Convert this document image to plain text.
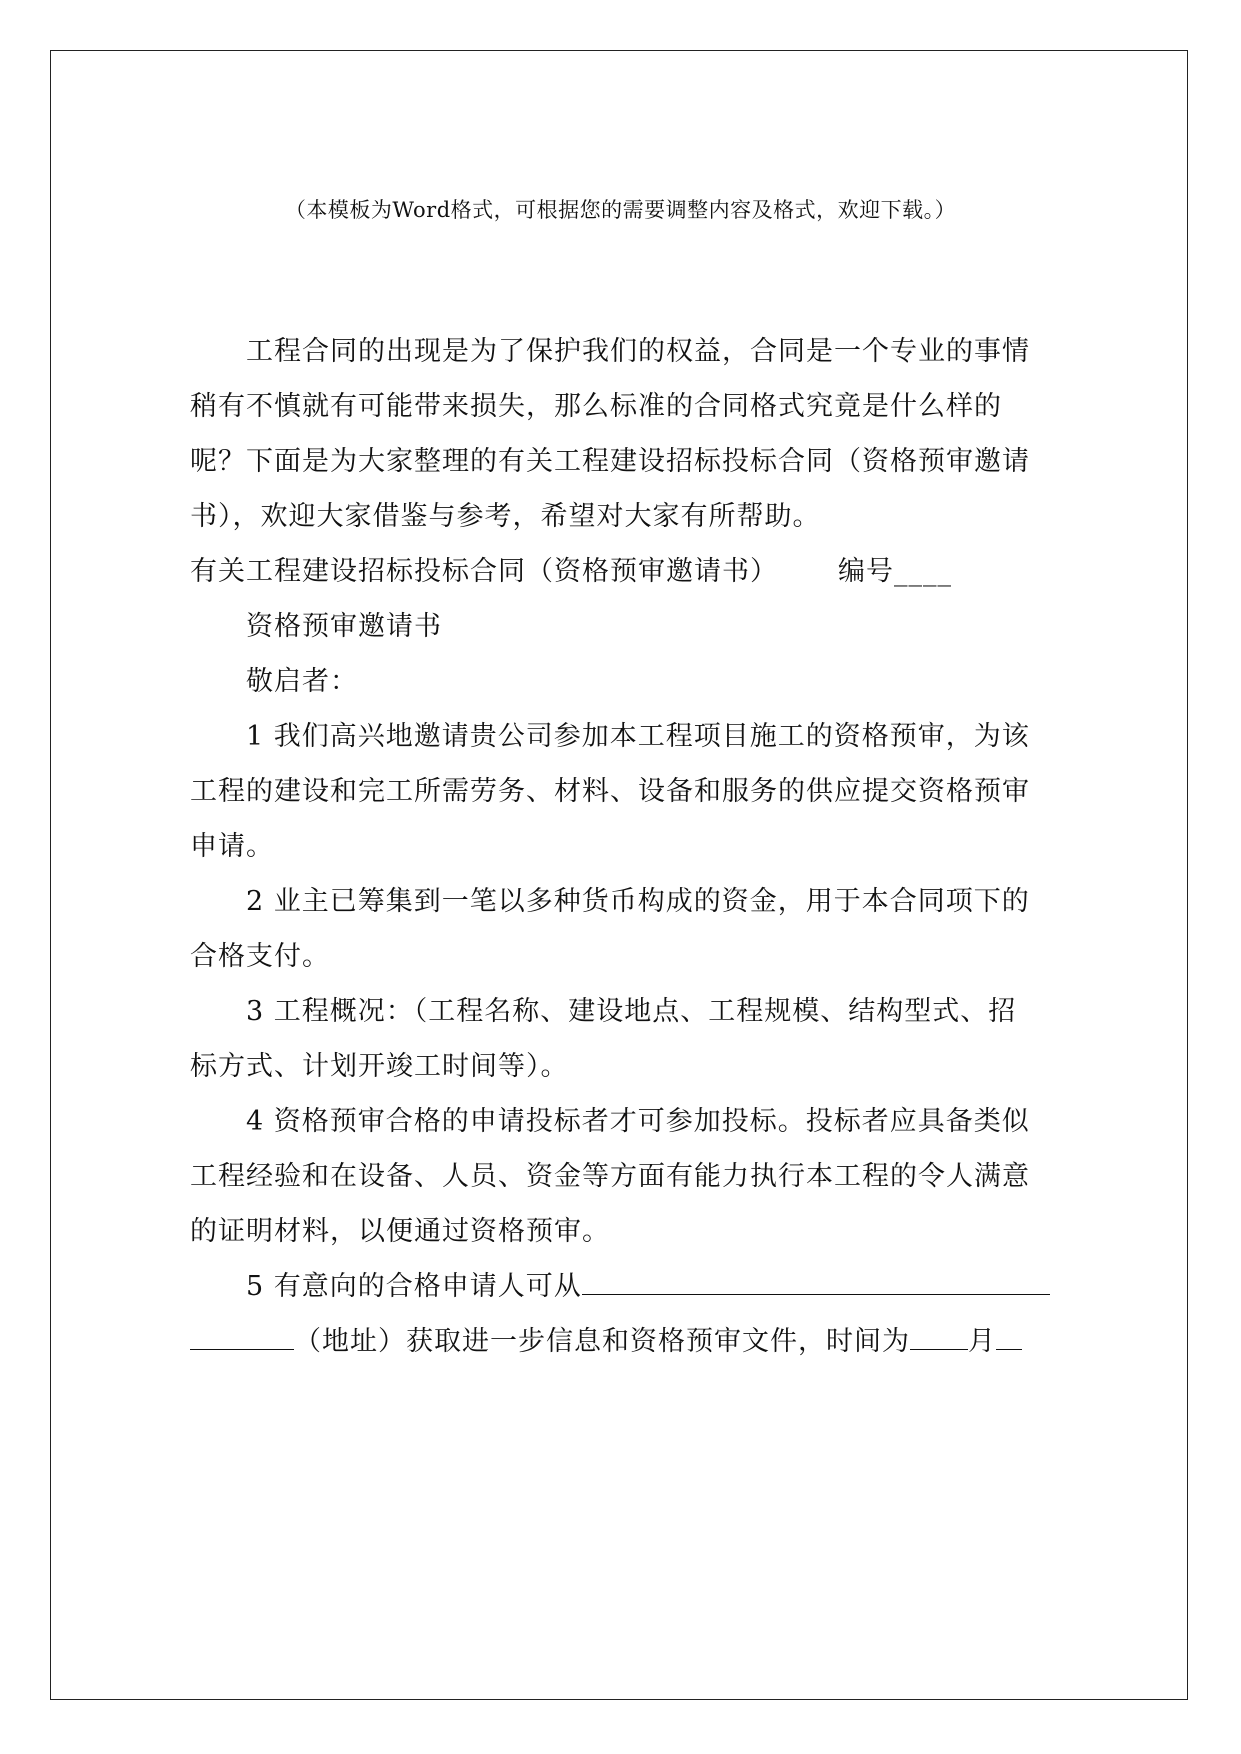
（本模板为Word格式，可根据您的需要调整内容及格式，欢迎下载。）
工程合同的出现是为了保护我们的权益，合同是一个专业的事情
稍有不慎就有可能带来损失，那么标准的合同格式究竟是什么样的
呢？下面是为大家整理的有关工程建设招标投标合同（资格预审邀请
书），欢迎大家借鉴与参考，希望对大家有所帮助。
有关工程建设招标投标合同（资格预审邀请书） 编号____
资格预审邀请书
敬启者：
1 我们高兴地邀请贵公司参加本工程项目施工的资格预审，为该
工程的建设和完工所需劳务、材料、设备和服务的供应提交资格预审
申请。
2 业主已筹集到一笔以多种货币构成的资金，用于本合同项下的
合格支付。
3 工程概况：（工程名称、建设地点、工程规模、结构型式、招
标方式、计划开竣工时间等）。
4 资格预审合格的申请投标者才可参加投标。投标者应具备类似
工程经验和在设备、人员、资金等方面有能力执行本工程的令人满意
的证明材料，以便通过资格预审。
5 有意向的合格申请人可从
（地址）获取进一步信息和资格预审文件，时间为 月
